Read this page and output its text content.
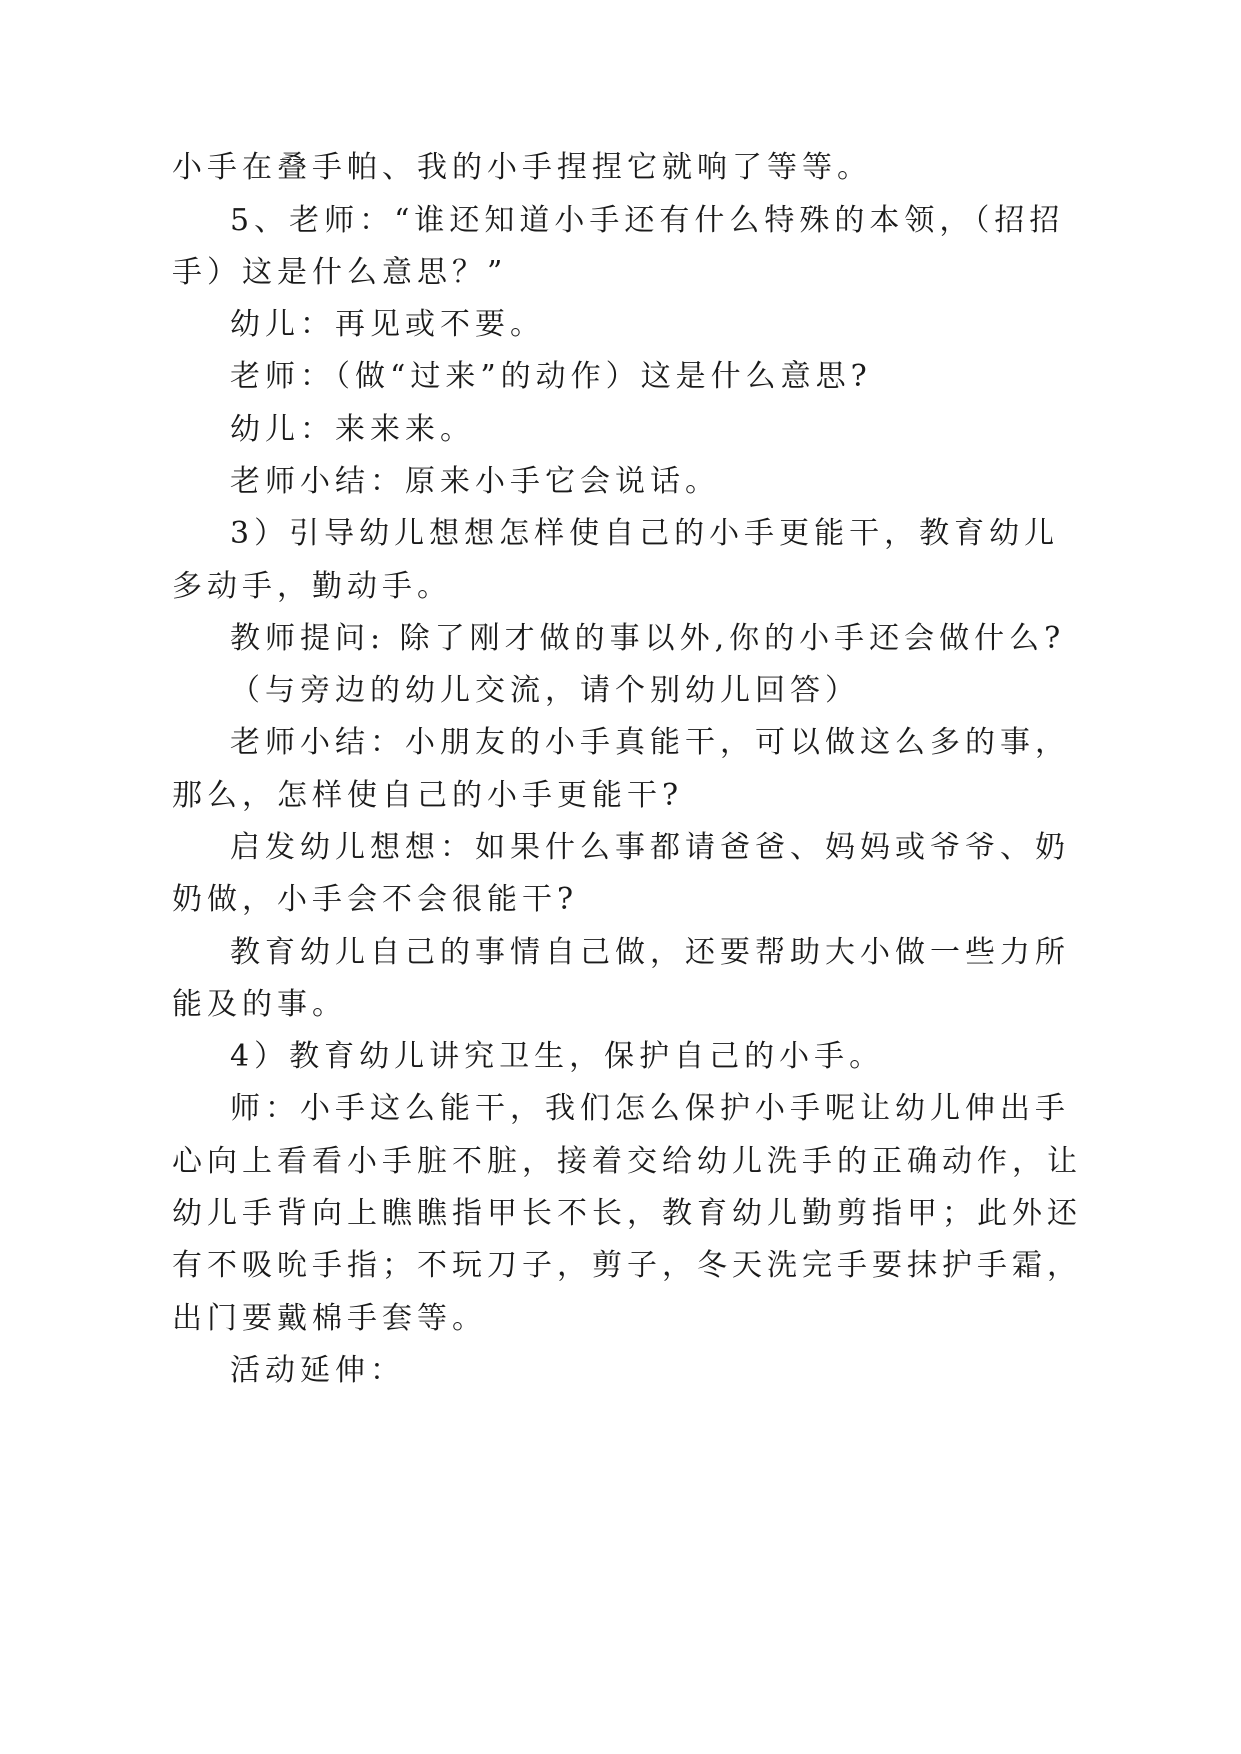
小手在叠手帕、我的小手捏捏它就响了等等。
5、老师：“谁还知道小手还有什么特殊的本领，（招招
手）这是什么意思？”
幼儿：再见或不要。
老师：（做“过来”的动作）这是什么意思?
幼儿：来来来。
老师小结：原来小手它会说话。
3）引导幼儿想想怎样使自己的小手更能干，教育幼儿
多动手，勤动手。
教师提问: 除了刚才做的事以外,你的小手还会做什么?
（与旁边的幼儿交流，请个别幼儿回答）
老师小结：小朋友的小手真能干，可以做这么多的事，
那么，怎样使自己的小手更能干?
启发幼儿想想：如果什么事都请爸爸、妈妈或爷爷、奶
奶做，小手会不会很能干?
教育幼儿自己的事情自己做，还要帮助大小做一些力所
能及的事。
4）教育幼儿讲究卫生，保护自己的小手。
师：小手这么能干，我们怎么保护小手呢让幼儿伸出手
心向上看看小手脏不脏，接着交给幼儿洗手的正确动作，让
幼儿手背向上瞧瞧指甲长不长，教育幼儿勤剪指甲；此外还
有不吸吮手指；不玩刀子，剪子，冬天洗完手要抹护手霜，
出门要戴棉手套等。
活动延伸：
